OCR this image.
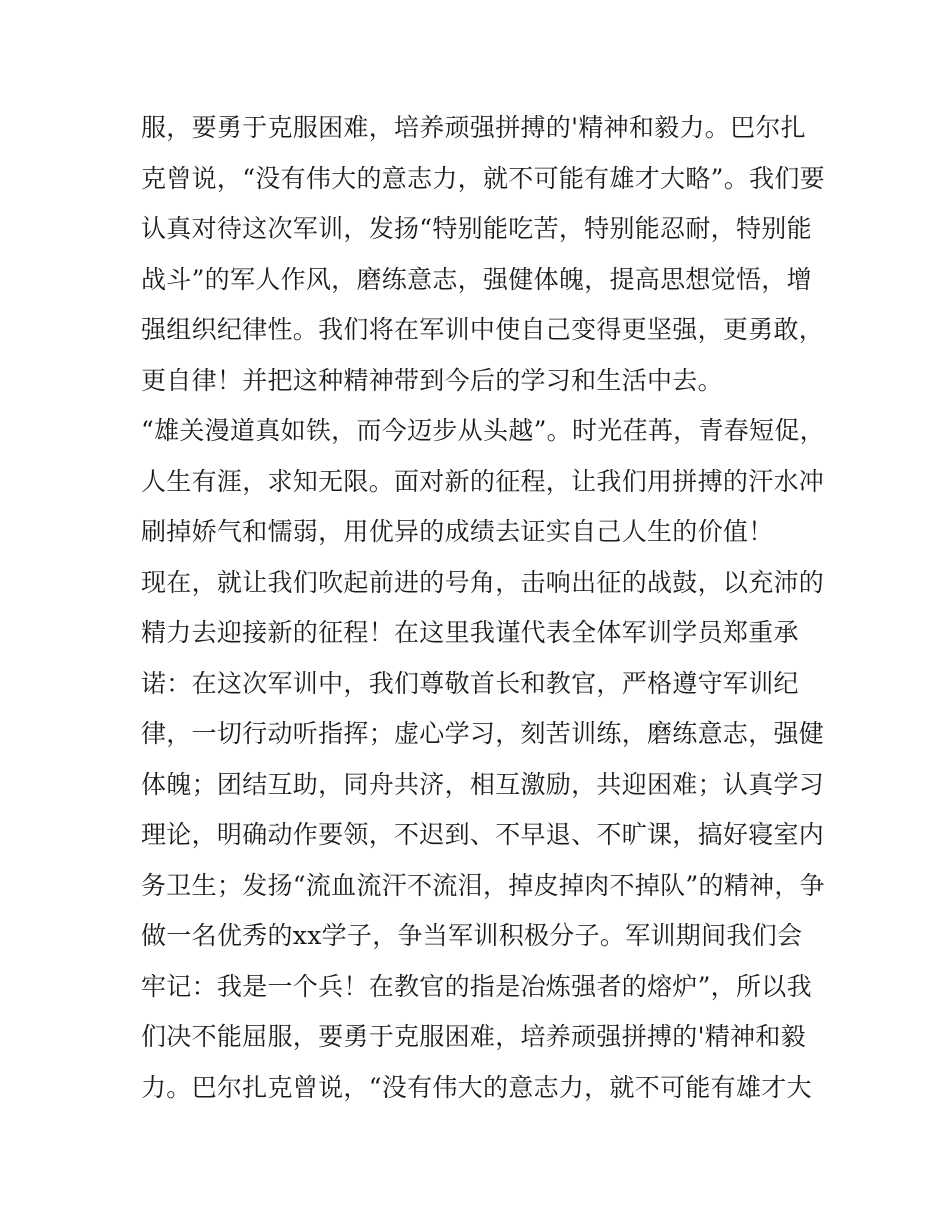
服，要勇于克服困难，培养顽强拼搏的'精神和毅力。巴尔扎
克曾说，“没有伟大的意志力，就不可能有雄才大略”。我们要
认真对待这次军训，发扬“特别能吃苦，特别能忍耐，特别能
战斗”的军人作风，磨练意志，强健体魄，提高思想觉悟，增
强组织纪律性。我们将在军训中使自己变得更坚强，更勇敢，
更自律！并把这种精神带到今后的学习和生活中去。
“雄关漫道真如铁，而今迈步从头越”。时光荏苒，青春短促，
人生有涯，求知无限。面对新的征程，让我们用拼搏的汗水冲
刷掉娇气和懦弱，用优异的成绩去证实自己人生的价值！
现在，就让我们吹起前进的号角，击响出征的战鼓，以充沛的
精力去迎接新的征程！在这里我谨代表全体军训学员郑重承
诺：在这次军训中，我们尊敬首长和教官，严格遵守军训纪
律，一切行动听指挥；虚心学习，刻苦训练，磨练意志，强健
体魄；团结互助，同舟共济，相互激励，共迎困难；认真学习
理论，明确动作要领，不迟到、不早退、不旷课，搞好寝室内
务卫生；发扬“流血流汗不流泪，掉皮掉肉不掉队”的精神，争
做一名优秀的xx学子，争当军训积极分子。军训期间我们会
牢记：我是一个兵！在教官的指是冶炼强者的熔炉”，所以我
们决不能屈服，要勇于克服困难，培养顽强拼搏的'精神和毅
力。巴尔扎克曾说，“没有伟大的意志力，就不可能有雄才大
